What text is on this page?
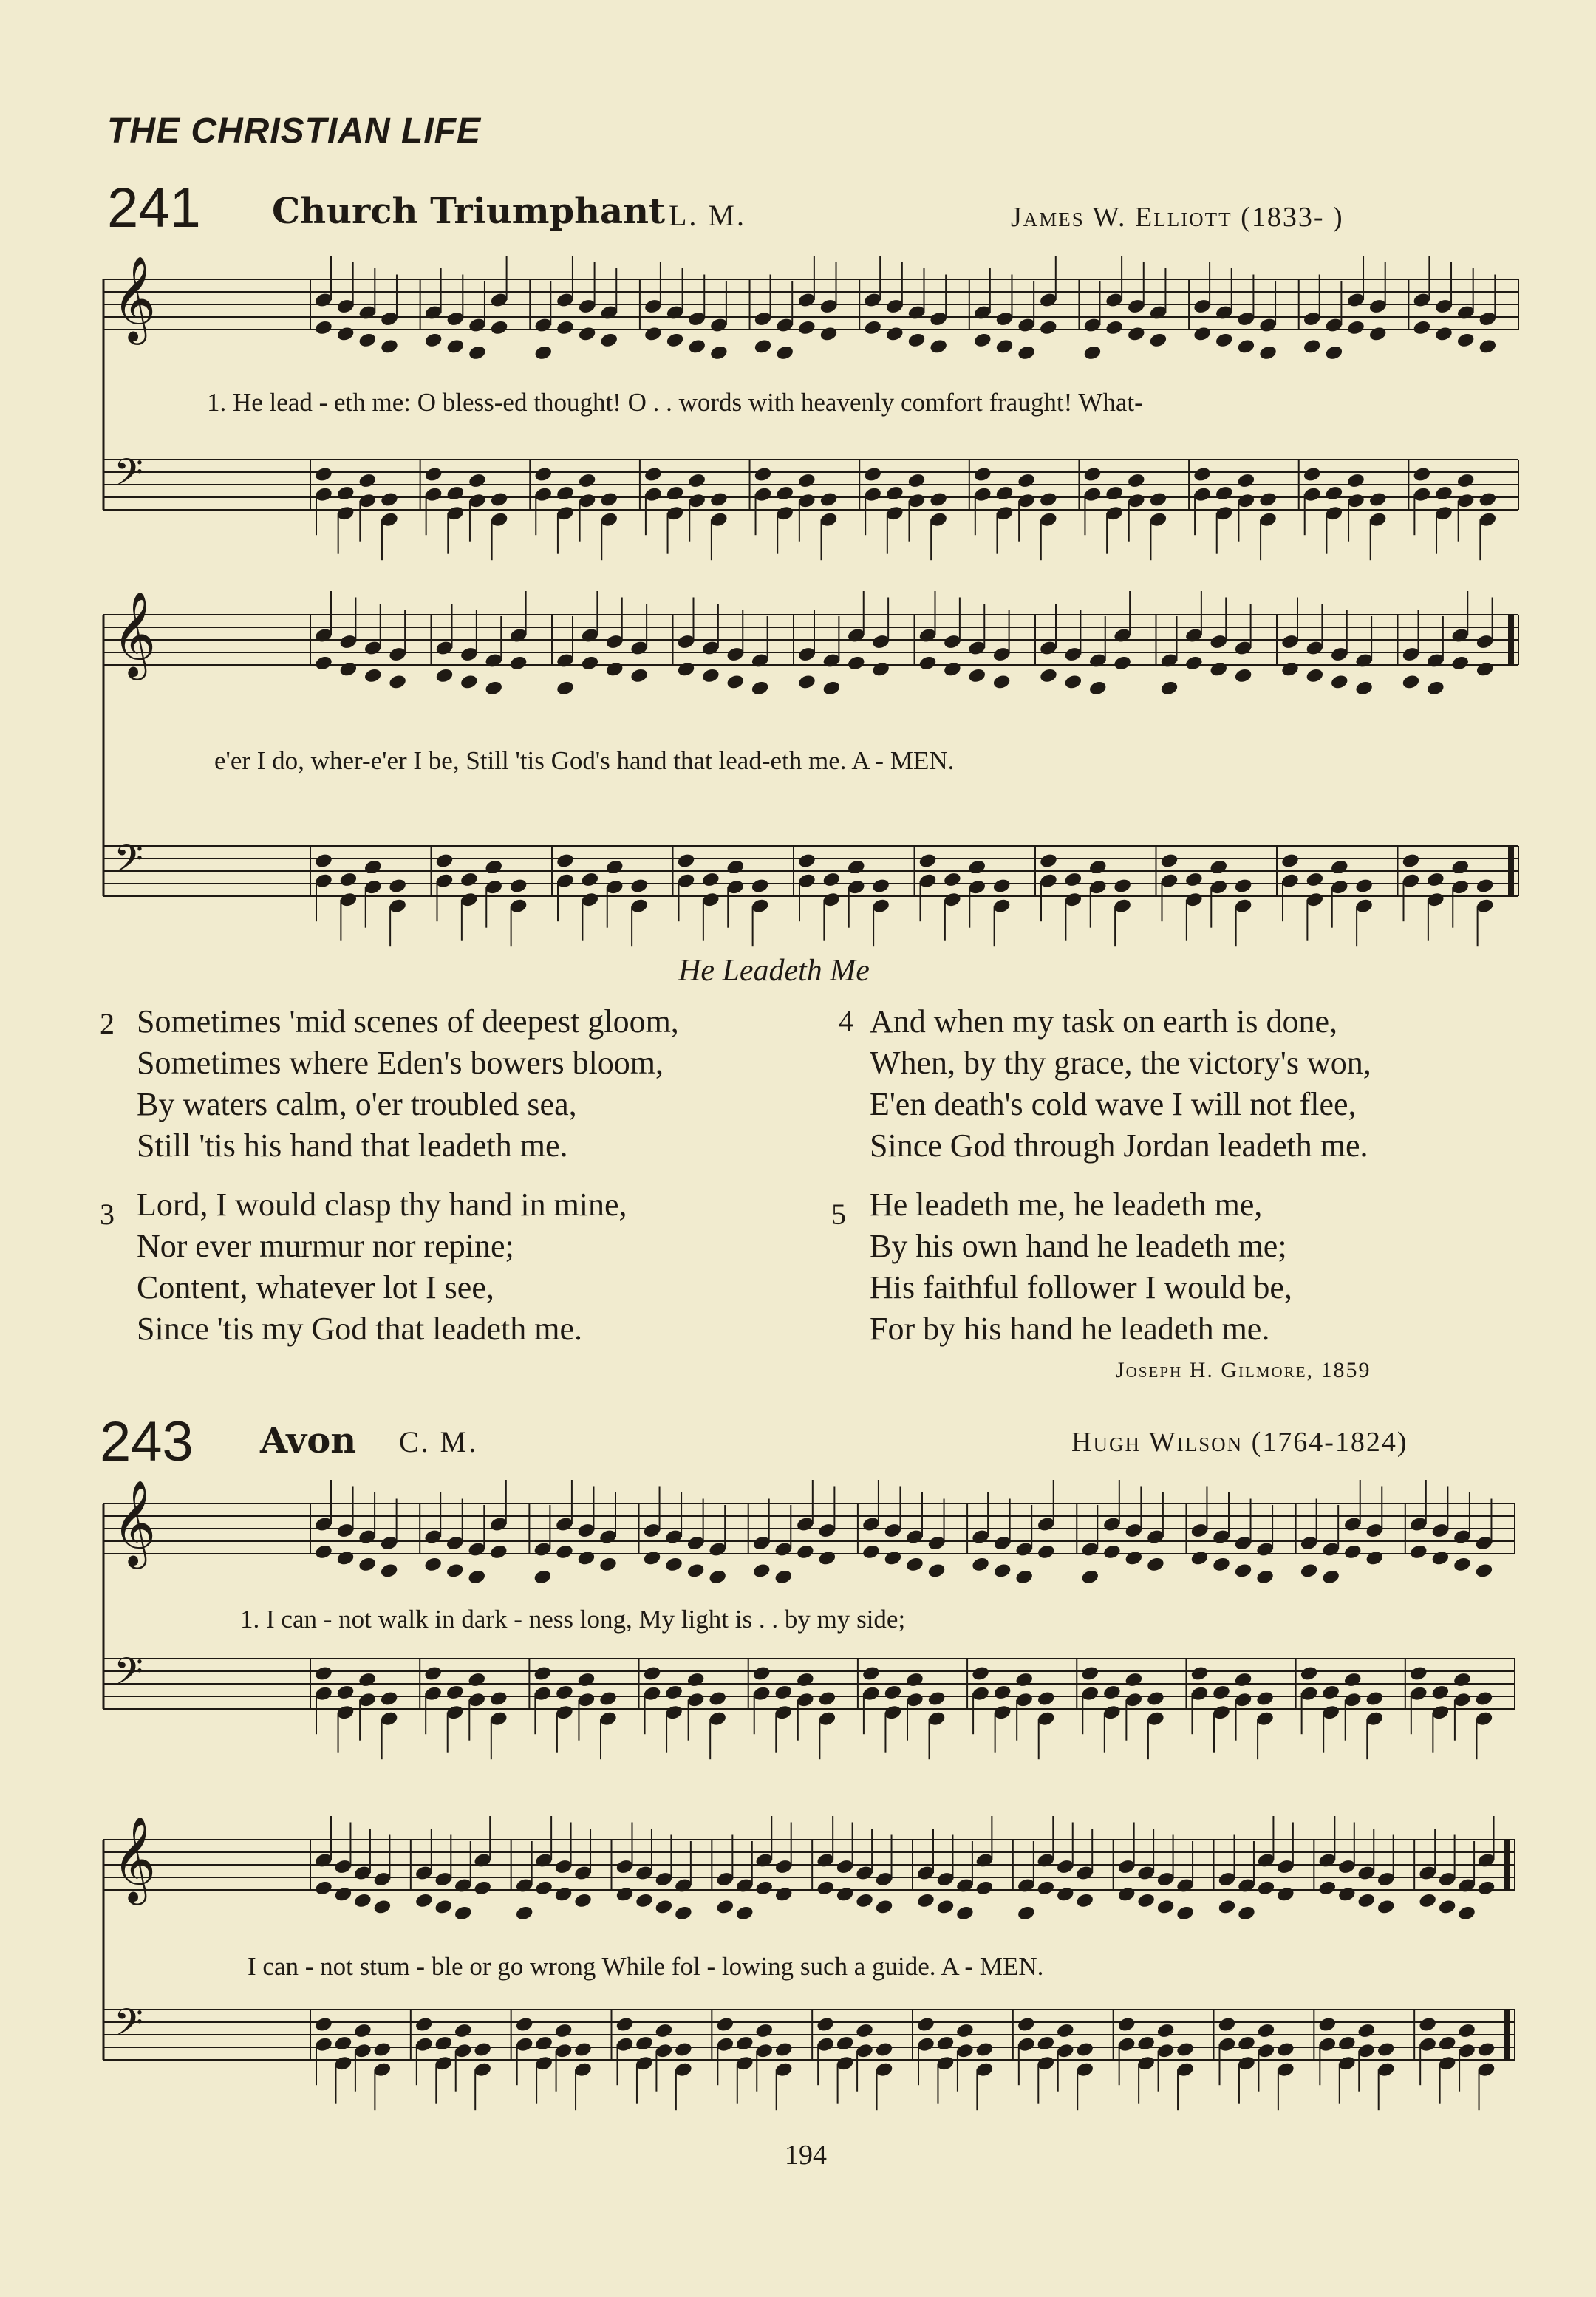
THE CHRISTIAN LIFE
241 Church Triumphant L. M.	James W. Elliott (1833- )
𝄞
𝄢
𝄞
𝄢
𝄞
𝄢
𝄞
𝄢
1. He lead - eth me: O bless-ed thought! O . . words with heavenly comfort fraught! What-
e'er I do, wher-e'er I be, Still 'tis God's hand that lead-eth me. A - MEN.
He Leadeth Me
2 Sometimes 'mid scenes of deepest gloom,
Sometimes where Eden's bowers bloom,
By waters calm, o'er troubled sea,
Still 'tis his hand that leadeth me.
3 Lord, I would clasp thy hand in mine,
Nor ever murmur nor repine;
Content, whatever lot I see,
Since 'tis my God that leadeth me.
4 And when my task on earth is done,
When, by thy grace, the victory's won,
E'en death's cold wave I will not flee,
Since God through Jordan leadeth me.
5 He leadeth me, he leadeth me,
By his own hand he leadeth me;
His faithful follower I would be,
For by his hand he leadeth me.
Joseph H. Gilmore, 1859
243 Avon C. M.	Hugh Wilson (1764-1824)
1. I can - not walk in dark - ness long, My light is . . by my side;
I can - not stum - ble or go wrong While fol - lowing such a guide. A - MEN.
194
